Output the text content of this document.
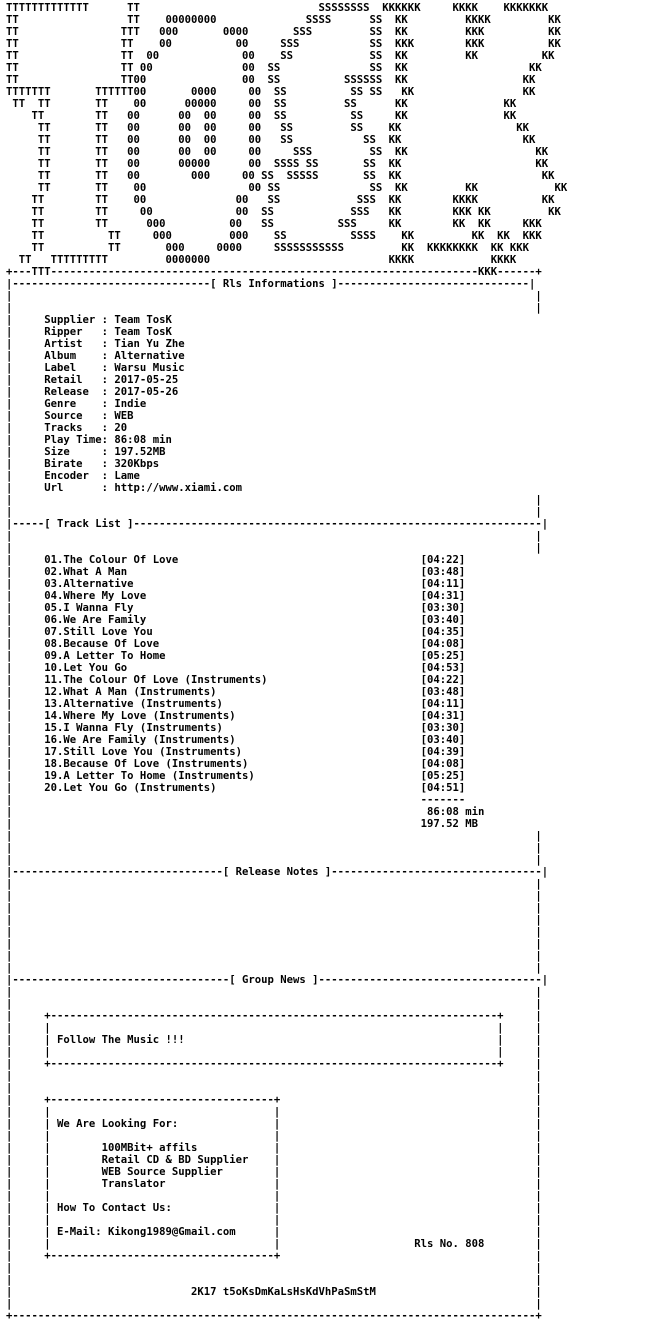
TTTTTTTTTTTTT      TT                            SSSSSSSS  KKKKKK     KKKK    KKKKKKK
TT                 TT    00000000              SSSS      SS  KK         KKKK         KK
TT                TTT   000       0000       SSS         SS  KK         KKK          KK
TT                TT    00          00     SSS           SS  KKK        KKK          KK
TT                TT  00             00    SS            SS  KK         KK          KK
TT                TT 00              00  SS              SS  KK                   KK
TT                TT00               00  SS          SSSSSS  KK                  KK
TTTTTTT       TTTTTT00       0000     00  SS          SS SS   KK                 KK
TT  TT       TT    00      00000     00  SS         SS      KK               KK
TT        TT   00      00  00     00  SS          SS     KK               KK
TT       TT   00      00  00     00   SS         SS    KK                  KK
TT       TT   00      00  00     00   SS           SS  KK                   KK
TT       TT   00      00  00     00     SSS         SS  KK                    KK
TT       TT   00      00000      00  SSSS SS       SS  KK                     KK
TT       TT   00        000     00 SS  SSSSS       SS  KK                      KK
TT       TT    00                00 SS              SS  KK         KK            KK
TT        TT    00              00   SS            SSS  KK        KKKK          KK
TT        TT     00             00  SS            SSS   KK        KKK KK         KK
TT        TT      000          00   SS          SSS     KK        KK  KK     KKK
TT          TT     000         000    SS          SSSS    KK         KK  KK  KKK
TT          TT       000     0000     SSSSSSSSSSS         KK  KKKKKKKK  KK KKK
TT   TTTTTTTTT         0000000                            KKKK            KKKK
+---TTT-------------------------------------------------------------------KKK------+
|-------------------------------[ Rls Informations ]------------------------------|
|                                                                                  |
|                                                                                  |
|     Supplier : Team TosK
|     Ripper   : Team TosK
|     Artist   : Tian Yu Zhe
|     Album    : Alternative
|     Label    : Warsu Music
|     Retail   : 2017-05-25
|     Release  : 2017-05-26
|     Genre    : Indie
|     Source   : WEB
|     Tracks   : 20
|     Play Time: 86:08 min
|     Size     : 197.52MB
|     Birate   : 320Kbps
|     Encoder  : Lame
|     Url      : http://www.xiami.com
|                                                                                  |
|                                                                                  |
|-----[ Track List ]----------------------------------------------------------------|
|                                                                                  |
|                                                                                  |
|     01.The Colour Of Love                                      [04:22]
|     02.What A Man                                              [03:48]
|     03.Alternative                                             [04:11]
|     04.Where My Love                                           [04:31]
|     05.I Wanna Fly                                             [03:30]
|     06.We Are Family                                           [03:40]
|     07.Still Love You                                          [04:35]
|     08.Because Of Love                                         [04:08]
|     09.A Letter To Home                                        [05:25]
|     10.Let You Go                                              [04:53]
|     11.The Colour Of Love (Instruments)                        [04:22]
|     12.What A Man (Instruments)                                [03:48]
|     13.Alternative (Instruments)                               [04:11]
|     14.Where My Love (Instruments)                             [04:31]
|     15.I Wanna Fly (Instruments)                               [03:30]
|     16.We Are Family (Instruments)                             [03:40]
|     17.Still Love You (Instruments)                            [04:39]
|     18.Because Of Love (Instruments)                           [04:08]
|     19.A Letter To Home (Instruments)                          [05:25]
|     20.Let You Go (Instruments)                                [04:51]
|                                                                -------
|                                                                 86:08 min
|                                                                197.52 MB
|                                                                                  |
|                                                                                  |
|                                                                                  |
|---------------------------------[ Release Notes ]---------------------------------|
|                                                                                  |
|                                                                                  |
|                                                                                  |
|                                                                                  |
|                                                                                  |
|                                                                                  |
|                                                                                  |
|                                                                                  |
|----------------------------------[ Group News ]-----------------------------------|
|                                                                                  |
|                                                                                  |
|     +----------------------------------------------------------------------+     |
|     |                                                                      |     |
|     | Follow The Music !!!                                                 |     |
|     |                                                                      |     |
|     +----------------------------------------------------------------------+     |
|                                                                                  |
|                                                                                  |
|     +-----------------------------------+                                        |
|     |                                   |                                        |
|     | We Are Looking For:               |                                        |
|     |                                   |                                        |
|     |        100MBit+ affils            |                                        |
|     |        Retail CD & BD Supplier    |                                        |
|     |        WEB Source Supplier        |                                        |
|     |        Translator                 |                                        |
|     |                                   |                                        |
|     | How To Contact Us:                |                                        |
|     |                                   |                                        |
|     | E-Mail: Kikong1989@Gmail.com      |                                        |
|     |                                   |                     Rls No. 808        |
|     +-----------------------------------+                                        |
|                                                                                  |
|                                                                                  |
|                            2K17 t5oKsDmKaLsHsKdVhPaSmStM                         |
|                                                                                  |
+----------------------------------------------------------------------------------+
